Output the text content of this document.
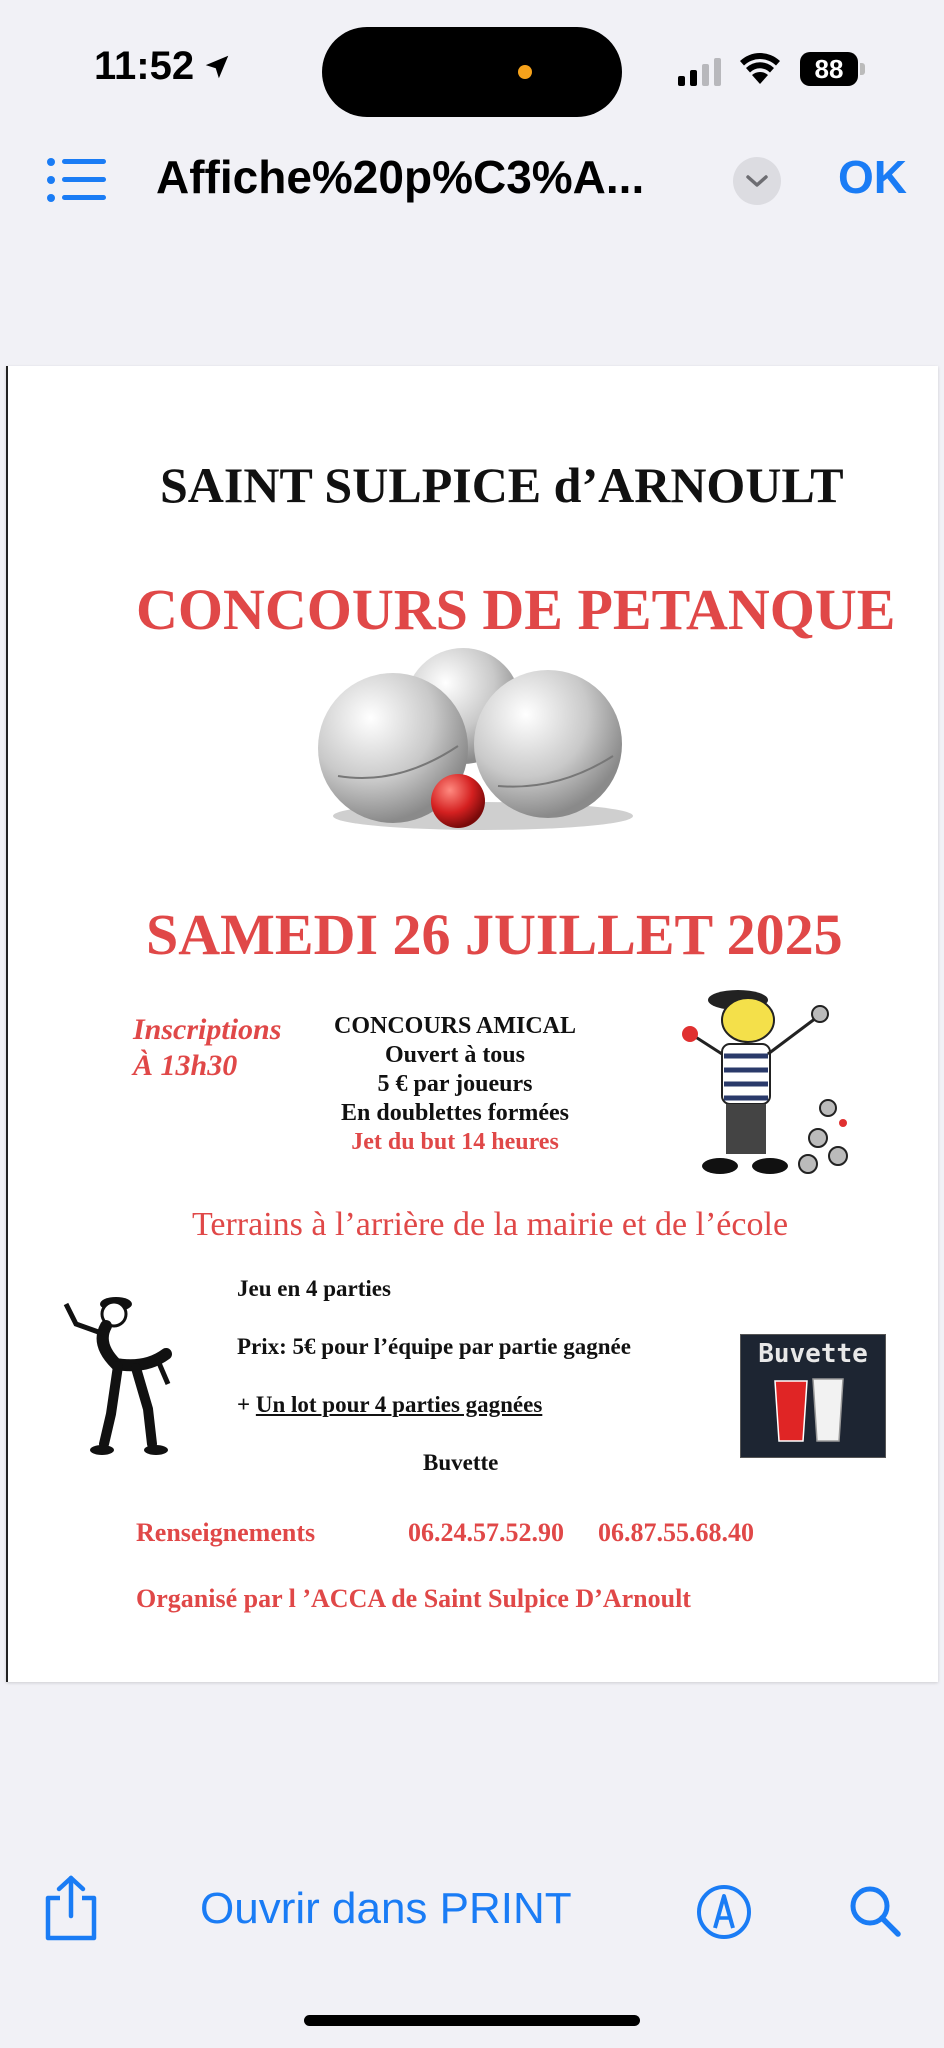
11:52	88
Affiche%20p%C3%A...	OK
SAINT SULPICE d’ARNOULT
CONCOURS DE PETANQUE
SAMEDI 26 JUILLET 2025
Inscriptions
À 13h30
CONCOURS AMICAL
Ouvert à tous
5 € par joueurs
En doublettes formées
Jet du but 14 heures
Terrains à l’arrière de la mairie et de l’école
Jeu en 4 parties
Prix: 5€ pour l’équipe par partie gagnée
+ Un lot pour 4 parties gagnées
Buvette
Buvette
Renseignements	06.24.57.52.90 06.87.55.68.40
Organisé par l ’ACCA de Saint Sulpice D’Arnoult
Ouvrir dans PRINT
